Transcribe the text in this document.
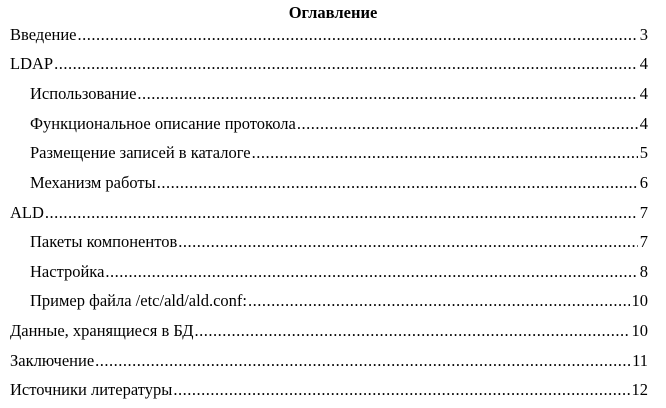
Оглавление
Введение .....	3
LDAP .....	4
Использование .....	4
Функциональное описание протокола .....	4
Размещение записей в каталоге .....	5
Механизм работы .....	6
ALD .....	7
Пакеты компонентов .....	7
Настройка .....	8
Пример файла /etc/ald/ald.conf: .....	10
Данные, хранящиеся в БД .....	10
Заключение .....	11
Источники литературы .....	12
